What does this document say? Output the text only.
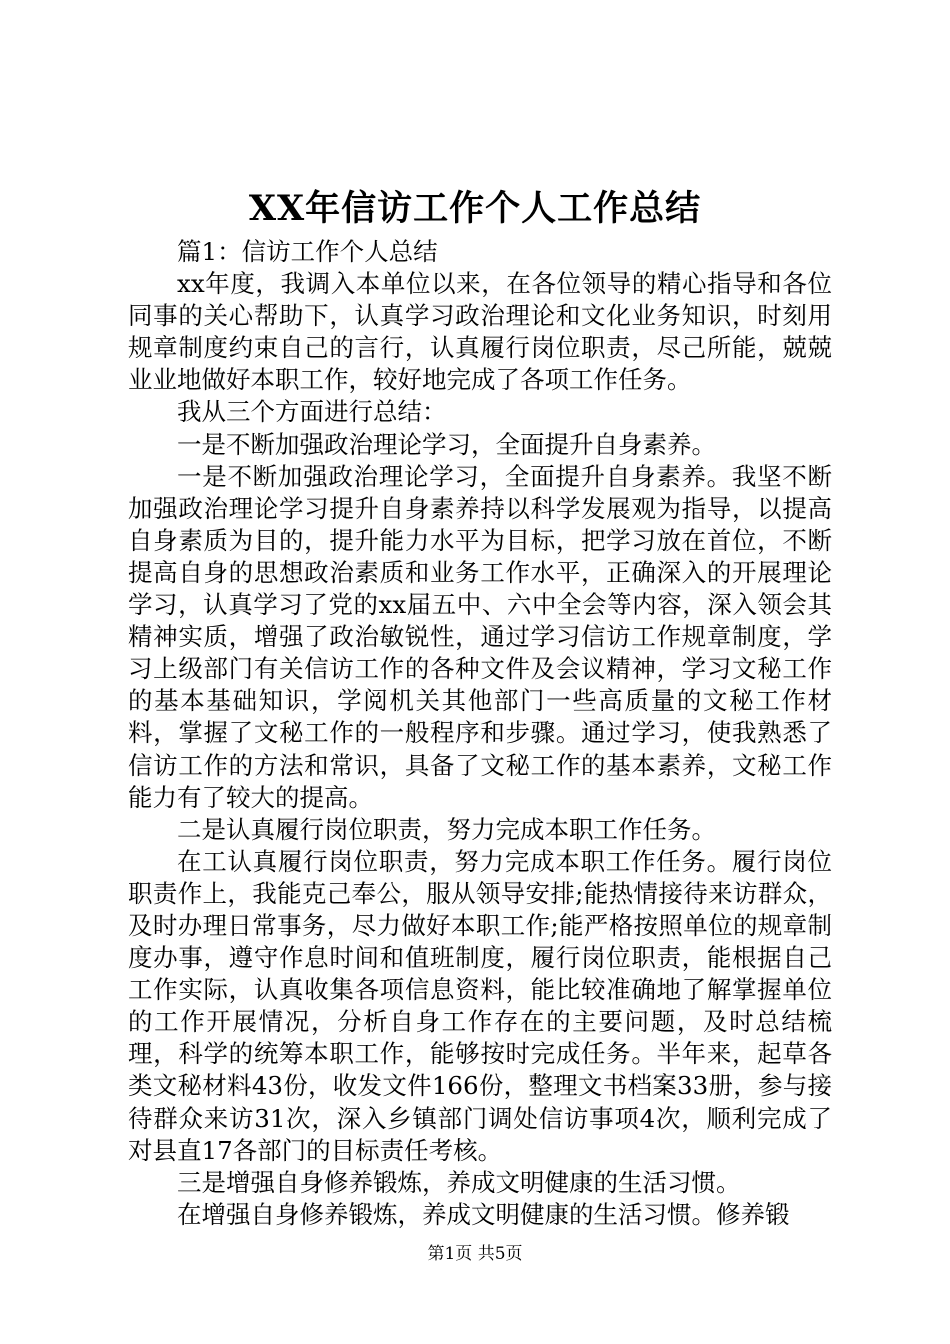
XX年信访工作个人工作总结

篇1：信访工作个人总结

xx年度，我调入本单位以来，在各位领导的精心指导和各位同事的关心帮助下，认真学习政治理论和文化业务知识，时刻用规章制度约束自己的言行，认真履行岗位职责，尽己所能，兢兢业业地做好本职工作，较好地完成了各项工作任务。

我从三个方面进行总结：

一是不断加强政治理论学习，全面提升自身素养。

一是不断加强政治理论学习，全面提升自身素养。我坚不断加强政治理论学习提升自身素养持以科学发展观为指导，以提高自身素质为目的，提升能力水平为目标，把学习放在首位，不断提高自身的思想政治素质和业务工作水平，正确深入的开展理论学习，认真学习了党的xx届五中、六中全会等内容，深入领会其精神实质，增强了政治敏锐性，通过学习信访工作规章制度，学习上级部门有关信访工作的各种文件及会议精神，学习文秘工作的基本基础知识，学阅机关其他部门一些高质量的文秘工作材料，掌握了文秘工作的一般程序和步骤。通过学习，使我熟悉了信访工作的方法和常识，具备了文秘工作的基本素养，文秘工作能力有了较大的提高。

二是认真履行岗位职责，努力完成本职工作任务。

在工认真履行岗位职责，努力完成本职工作任务。履行岗位职责作上，我能克己奉公，服从领导安排;能热情接待来访群众，及时办理日常事务，尽力做好本职工作;能严格按照单位的规章制度办事，遵守作息时间和值班制度，履行岗位职责，能根据自己工作实际，认真收集各项信息资料，能比较准确地了解掌握单位的工作开展情况，分析自身工作存在的主要问题，及时总结梳理，科学的统筹本职工作，能够按时完成任务。半年来，起草各类文秘材料43份，收发文件166份，整理文书档案33册，参与接待群众来访31次，深入乡镇部门调处信访事项4次，顺利完成了对县直17各部门的目标责任考核。

三是增强自身修养锻炼，养成文明健康的生活习惯。

在增强自身修养锻炼，养成文明健康的生活习惯。修养锻

第1页 共5页
